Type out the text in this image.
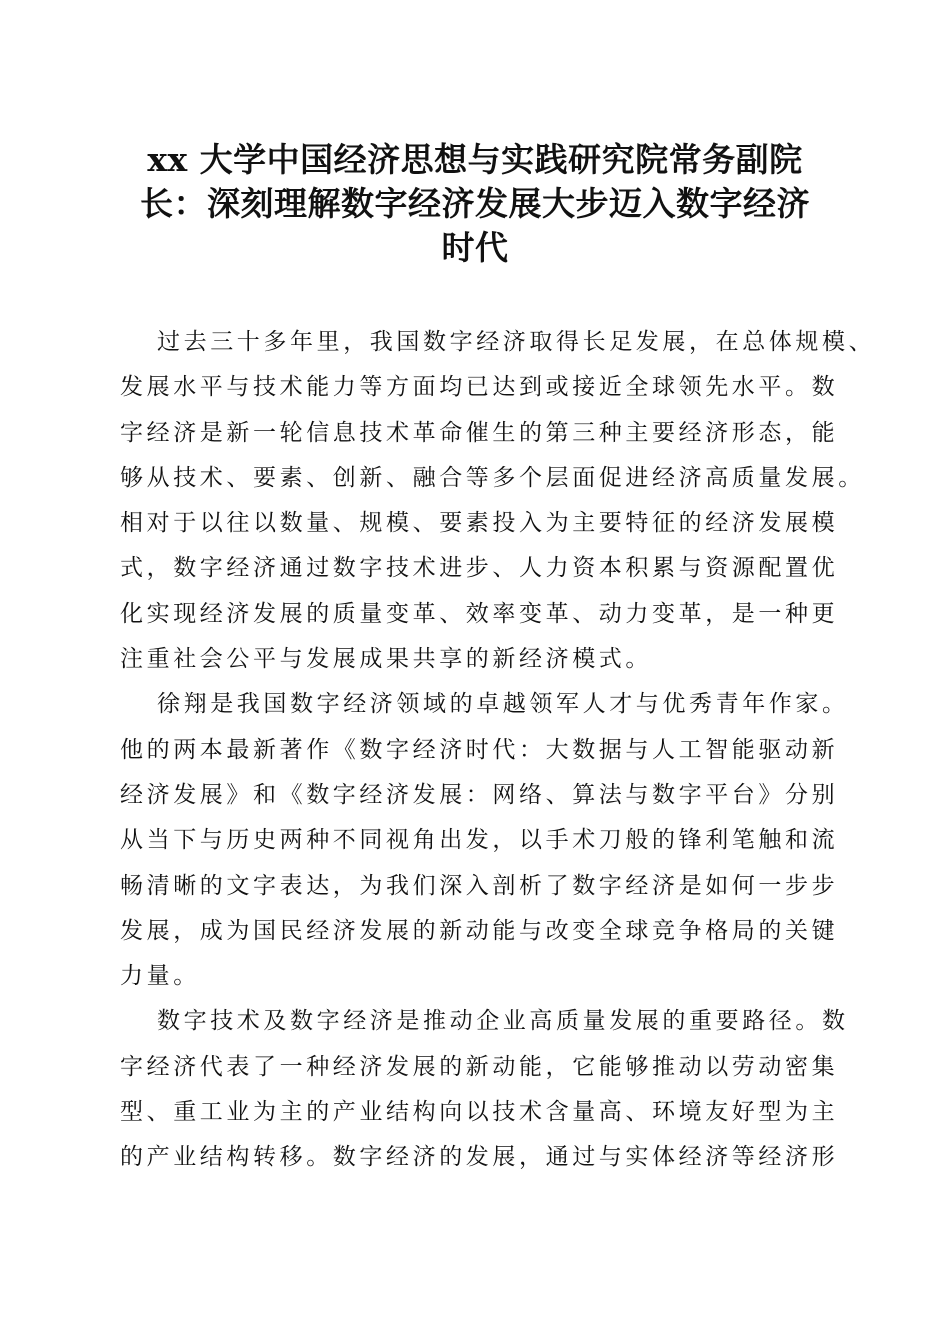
xx 大学中国经济思想与实践研究院常务副院
长：深刻理解数字经济发展大步迈入数字经济
时代
过去三十多年里，我国数字经济取得长足发展，在总体规模、
发展水平与技术能力等方面均已达到或接近全球领先水平。数
字经济是新一轮信息技术革命催生的第三种主要经济形态，能
够从技术、要素、创新、融合等多个层面促进经济高质量发展。
相对于以往以数量、规模、要素投入为主要特征的经济发展模
式，数字经济通过数字技术进步、人力资本积累与资源配置优
化实现经济发展的质量变革、效率变革、动力变革，是一种更
注重社会公平与发展成果共享的新经济模式。
徐翔是我国数字经济领域的卓越领军人才与优秀青年作家。
他的两本最新著作《数字经济时代：大数据与人工智能驱动新
经济发展》和《数字经济发展：网络、算法与数字平台》分别
从当下与历史两种不同视角出发，以手术刀般的锋利笔触和流
畅清晰的文字表达，为我们深入剖析了数字经济是如何一步步
发展，成为国民经济发展的新动能与改变全球竞争格局的关键
力量。
数字技术及数字经济是推动企业高质量发展的重要路径。数
字经济代表了一种经济发展的新动能，它能够推动以劳动密集
型、重工业为主的产业结构向以技术含量高、环境友好型为主
的产业结构转移。数字经济的发展，通过与实体经济等经济形
